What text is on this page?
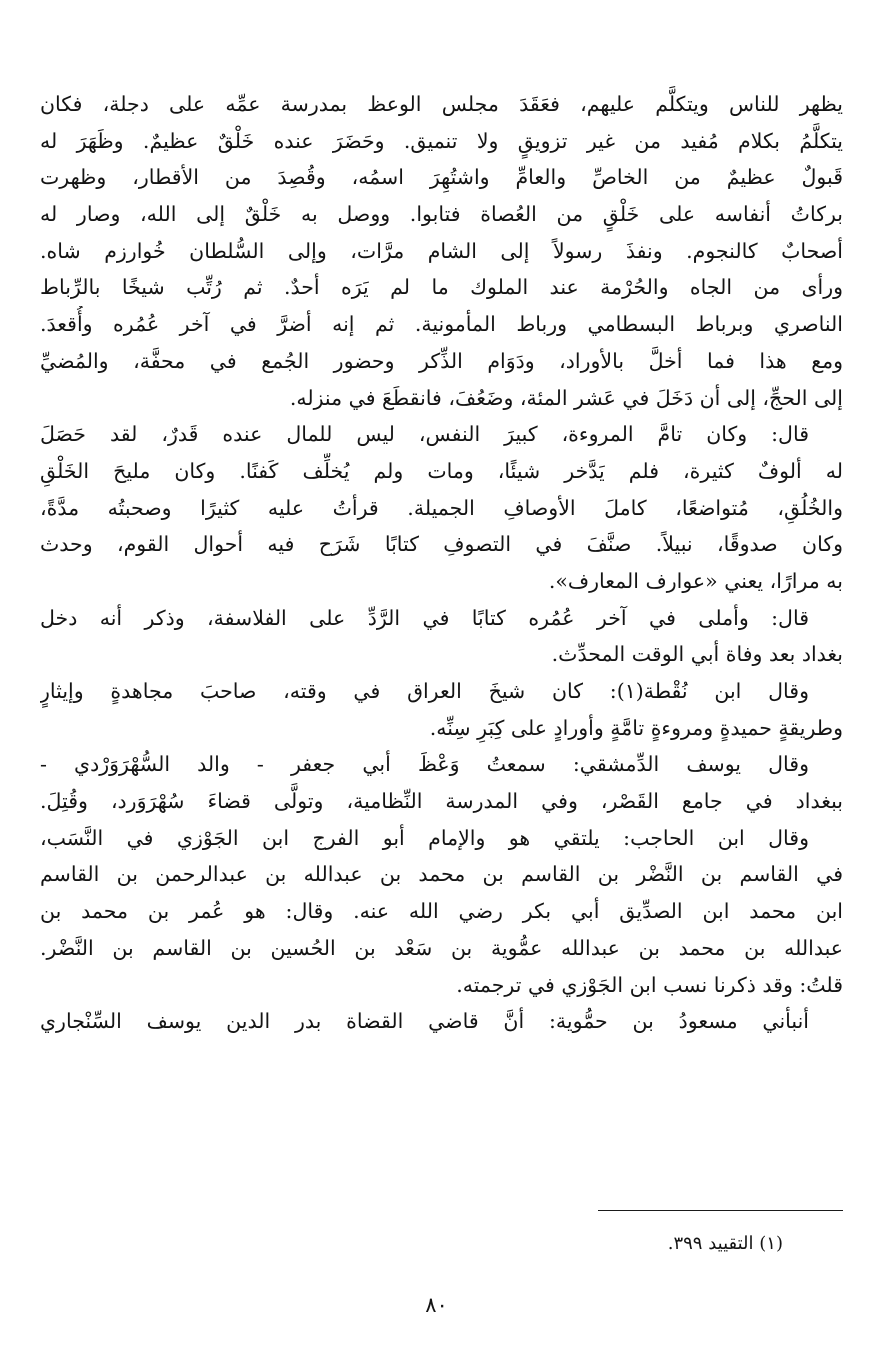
يظهر للناس ويتكلَّم عليهم، فعَقَدَ مجلس الوعظ بمدرسة عمِّه على دجلة، فكان
يتكلَّمُ بكلام مُفيد من غير تزويقٍ ولا تنميق. وحَضَرَ عنده خَلْقٌ عظيمٌ. وظَهَرَ له
قَبولٌ عظيمٌ من الخاصِّ والعامِّ واشتُهِرَ اسمُه، وقُصِدَ من الأقطار، وظهرت
بركاتُ أنفاسه على خَلْقٍ من العُصاة فتابوا. ووصل به خَلْقٌ إلى الله، وصار له
أصحابٌ كالنجوم. ونفذَ رسولاً إلى الشام مرَّات، وإلى السُّلطان خُوارزم شاه.
ورأى من الجاه والحُرْمة عند الملوك ما لم يَرَه أحدٌ. ثم رُتِّب شيخًا بالرِّباط
الناصري وبرباط البسطامي ورباط المأمونية. ثم إنه أضرَّ في آخر عُمُره وأُقعدَ.
ومع هذا فما أخلَّ بالأوراد، ودَوَام الذِّكر وحضور الجُمع في محفَّة، والمُضيِّ
إلى الحجِّ، إلى أن دَخَلَ في عَشر المئة، وضَعُفَ، فانقطَعَ في منزله.
قال: وكان تامَّ المروءة، كبيرَ النفس، ليس للمال عنده قَدرٌ، لقد حَصَلَ
له ألوفٌ كثيرة، فلم يَدَّخر شيئًا، ومات ولم يُخلِّف كَفنًا. وكان مليحَ الخَلْقِ
والخُلُقِ، مُتواضعًا، كاملَ الأوصافِ الجميلة. قرأتُ عليه كثيرًا وصحبتُه مدَّةً،
وكان صدوقًا، نبيلاً. صنَّفَ في التصوفِ كتابًا شَرَح فيه أحوال القوم، وحدث
به مرارًا، يعني «عوارف المعارف».
قال: وأملى في آخر عُمُره كتابًا في الرَّدِّ على الفلاسفة، وذكر أنه دخل
بغداد بعد وفاة أبي الوقت المحدِّث.
وقال ابن نُقْطة(١): كان شيخَ العراق في وقته، صاحبَ مجاهدةٍ وإيثارٍ
وطريقةٍ حميدةٍ ومروءةٍ تامَّةٍ وأورادٍ على كِبَرِ سِنِّه.
وقال يوسف الدِّمشقي: سمعتُ وَعْظَ أبي جعفر - والد السُّهْرَوَرْدي -
ببغداد في جامع القَصْر، وفي المدرسة النِّظامية، وتولَّى قضاءَ سُهْرَوَرد، وقُتِلَ.
وقال ابن الحاجب: يلتقي هو والإمام أبو الفرج ابن الجَوْزي في النَّسَب،
في القاسم بن النَّضْر بن القاسم بن محمد بن عبدالله بن عبدالرحمن بن القاسم
ابن محمد ابن الصدِّيق أبي بكر رضي الله عنه. وقال: هو عُمر بن محمد بن
عبدالله بن محمد بن عبدالله عمُّوية بن سَعْد بن الحُسين بن القاسم بن النَّضْر.
قلتُ: وقد ذكرنا نسب ابن الجَوْزي في ترجمته.
أنبأني مسعودُ بن حمُّوية: أنَّ قاضي القضاة بدر الدين يوسف السِّنْجاري
(١) التقييد ٣٩٩.
٨٠
